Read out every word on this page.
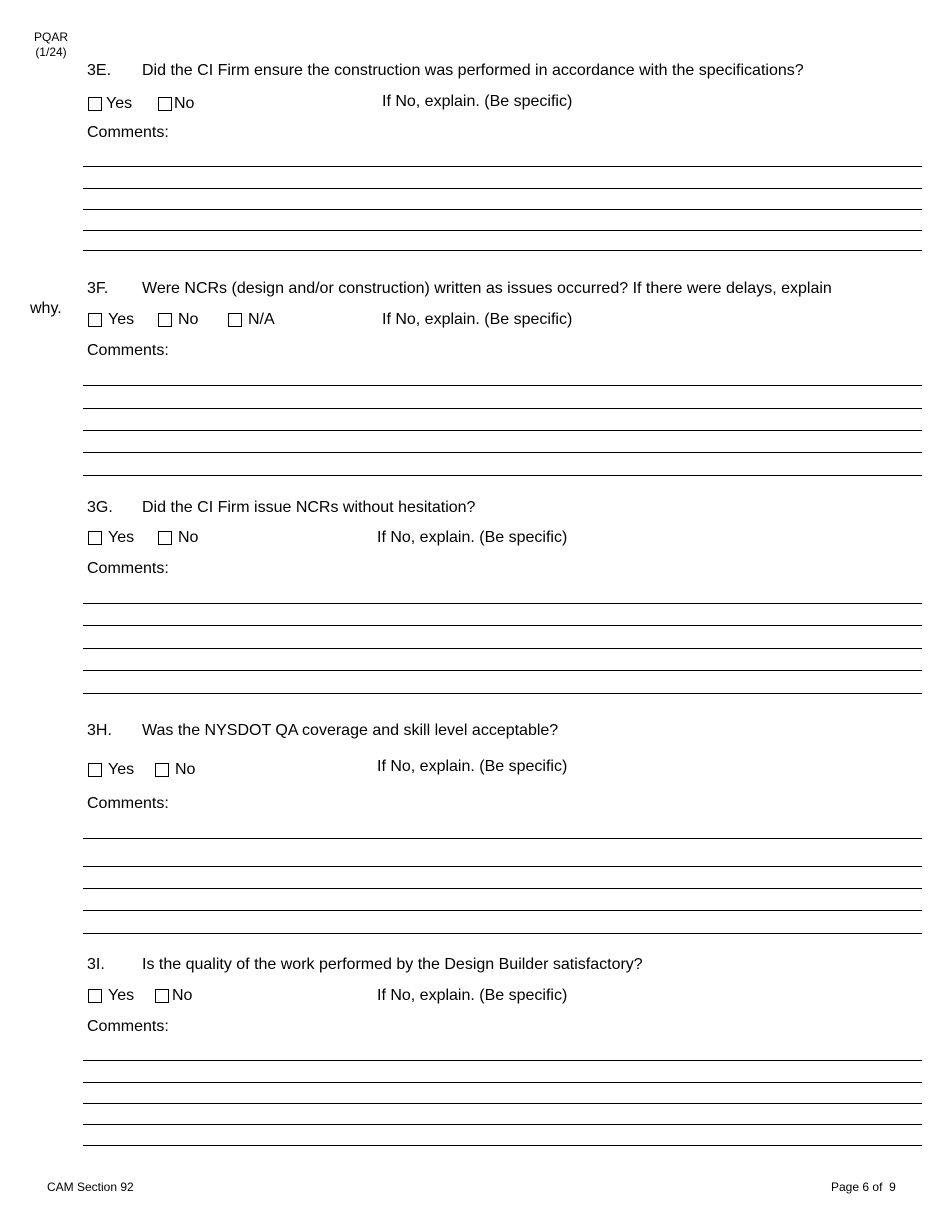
PQAR
(1/24)
3E. Did the CI Firm ensure the construction was performed in accordance with the specifications?
Yes	No	If No, explain. (Be specific)
Comments:
3F. Were NCRs (design and/or construction) written as issues occurred? If there were delays, explain
why.
Yes	No	N/A	If No, explain. (Be specific)
Comments:
3G. Did the CI Firm issue NCRs without hesitation?
Yes	No	If No, explain. (Be specific)
Comments:
3H. Was the NYSDOT QA coverage and skill level acceptable?
Yes	No	If No, explain. (Be specific)
Comments:
3I. Is the quality of the work performed by the Design Builder satisfactory?
Yes No	If No, explain. (Be specific)
Comments:
CAM Section 92	Page 6 of 9
